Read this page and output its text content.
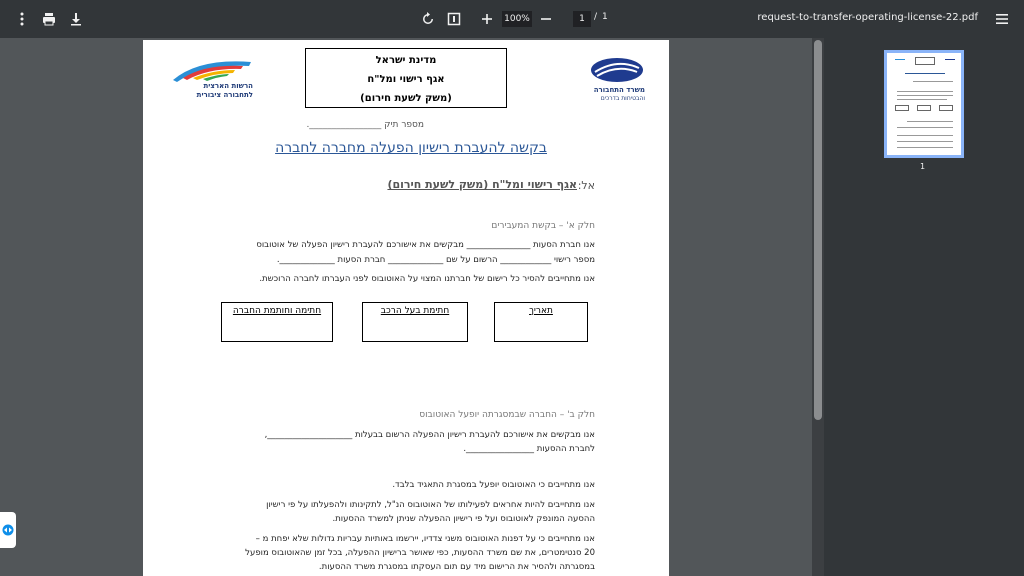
100%	1	/ 1	request-to-transfer-operating-license-22.pdf
הרשות הארצית
לתחבורה ציבורית
מדינת ישראל
אגף רישוי ומל"ח
(משק לשעת חירום)
משרד התחבורה
והבטיחות בדרכים
מספר תיק ________________.
בקשה להעברת רישיון הפעלה מחברה לחברה
אל:
אגף רישוי ומל"ח (משק לשעת חירום)
חלק א' – בקשת המעבירים
אנו חברת הסעות _______________ מבקשים את אישורכם להעברת רישיון הפעלה של אוטובוס
מספר רישוי ____________ הרשום על שם _____________ חברת הסעות _____________.
אנו מתחייבים להסיר כל רישום של חברתנו המצוי על האוטובוס לפני העברתו לחברה הרוכשת.
תאריך
חתימת בעל הרכב
חתימה וחותמת החברה
חלק ב' – החברה שבמסגרתה יופעל האוטובוס
אנו מבקשים את אישורכם להעברת רישיון ההפעלה הרשום בבעלות ____________________,
לחברת ההסעות ________________.
אנו מתחייבים כי האוטובוס יופעל במסגרת התאגיד בלבד.
אנו מתחייבים להיות אחראים לפעילותו של האוטובוס הנ"ל, לתקינותו ולהפעלתו על פי רישיון
ההסעה המונפק לאוטובוס ועל פי רישיון ההפעלה שניתן למשרד ההסעות.
אנו מתחייבים כי על דפנות האוטובוס משני צדדיו, יירשמו באותיות עבריות גדולות שלא יפחת מ –
20 סנטימטרים, את שם משרד ההסעות, כפי שאושר ברישיון ההפעלה, בכל זמן שהאוטובוס מופעל
במסגרתה ולהסיר את הרישום מיד עם תום העסקתו במסגרת משרד ההסעות.
1
